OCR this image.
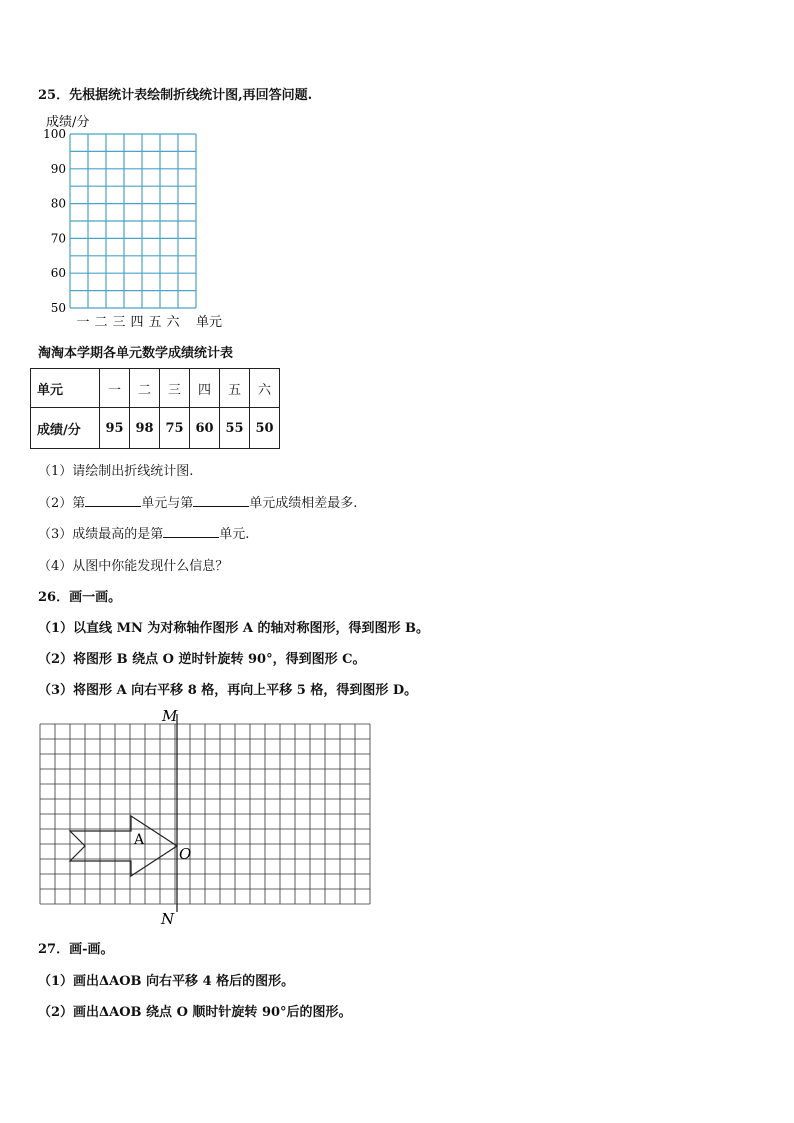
25．先根据统计表绘制折线统计图,再回答问题.
成绩/分
100
90
80
70
60
50
一 二 三 四 五 六 单元
淘淘本学期各单元数学成绩统计表
单元	一	二	三	四	五	六
成绩/分	95	98	75	60	55	50
（1）请绘制出折线统计图.
（2）第	单元与第	单元成绩相差最多.
（3）成绩最高的是第	单元.
（4）从图中你能发现什么信息？
26．画一画。
（1）以直线 MN 为对称轴作图形 A 的轴对称图形，得到图形 B。
（2）将图形 B 绕点 O 逆时针旋转 90°，得到图形 C。
（3）将图形 A 向右平移 8 格，再向上平移 5 格，得到图形 D。
M
N
O
A
27．画-画。
（1）画出ΔAOB 向右平移 4 格后的图形。
（2）画出ΔAOB 绕点 O 顺时针旋转 90°后的图形。
